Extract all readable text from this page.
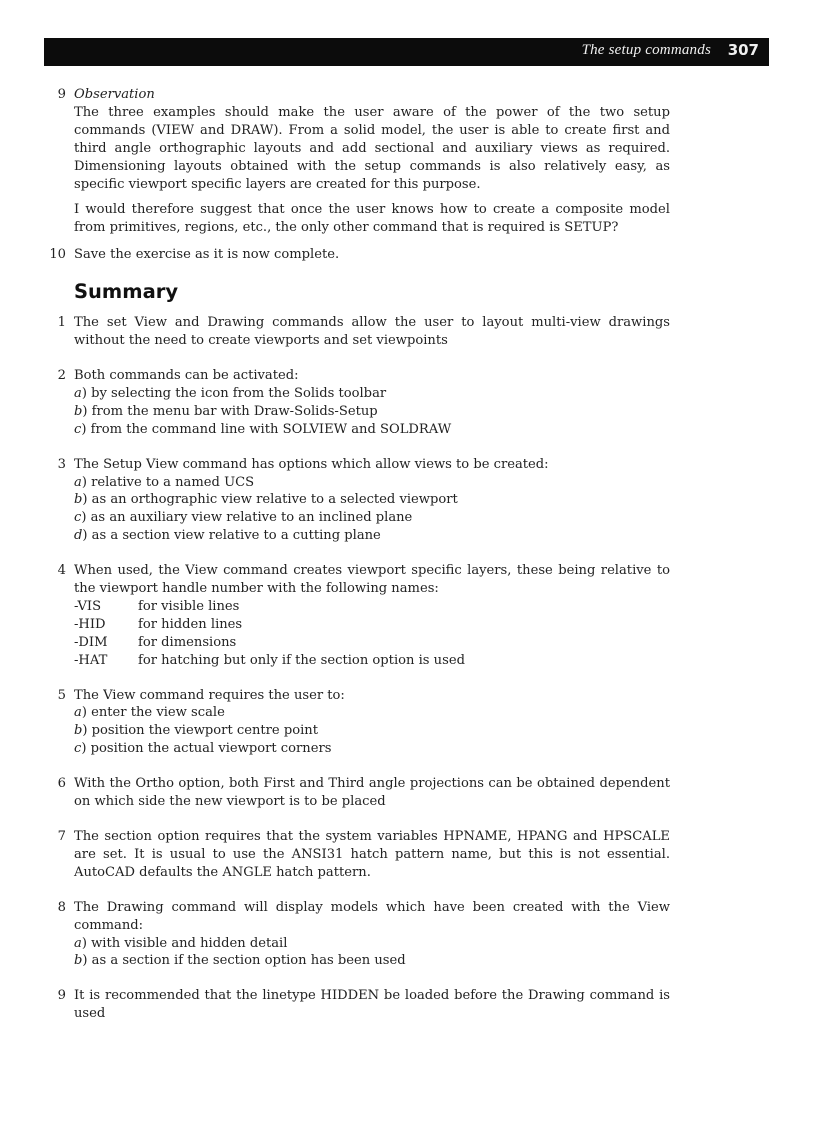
The setup commands 307
9 Observation

The three examples should make the user aware of the power of the two setup commands (VIEW and DRAW). From a solid model, the user is able to create first and third angle orthographic layouts and add sectional and auxiliary views as required. Dimensioning layouts obtained with the setup commands is also relatively easy, as specific viewport specific layers are created for this purpose.

I would therefore suggest that once the user knows how to create a composite model from primitives, regions, etc., the only other command that is required is SETUP?

10 Save the exercise as it is now complete.

Summary
1 The set View and Drawing commands allow the user to layout multi-view drawings without the need to create viewports and set viewpoints

2 Both commands can be activated:

a) by selecting the icon from the Solids toolbar
b) from the menu bar with Draw-Solids-Setup
c) from the command line with SOLVIEW and SOLDRAW
3 The Setup View command has options which allow views to be created:

a) relative to a named UCS
b) as an orthographic view relative to a selected viewport
c) as an auxiliary view relative to an inclined plane
d) as a section view relative to a cutting plane
4 When used, the View command creates viewport specific layers, these being relative to the viewport handle number with the following names:

-VIS	for visible lines
-HID for hidden lines
-DIM for dimensions
-HAT for hatching but only if the section option is used
5 The View command requires the user to:

a) enter the view scale
b) position the viewport centre point
c) position the actual viewport corners
6 With the Ortho option, both First and Third angle projections can be obtained dependent on which side the new viewport is to be placed

7 The section option requires that the system variables HPNAME, HPANG and HPSCALE are set. It is usual to use the ANSI31 hatch pattern name, but this is not essential. AutoCAD defaults the ANGLE hatch pattern.

8 The Drawing command will display models which have been created with the View command:

a) with visible and hidden detail
b) as a section if the section option has been used
9 It is recommended that the linetype HIDDEN be loaded before the Drawing command is used
